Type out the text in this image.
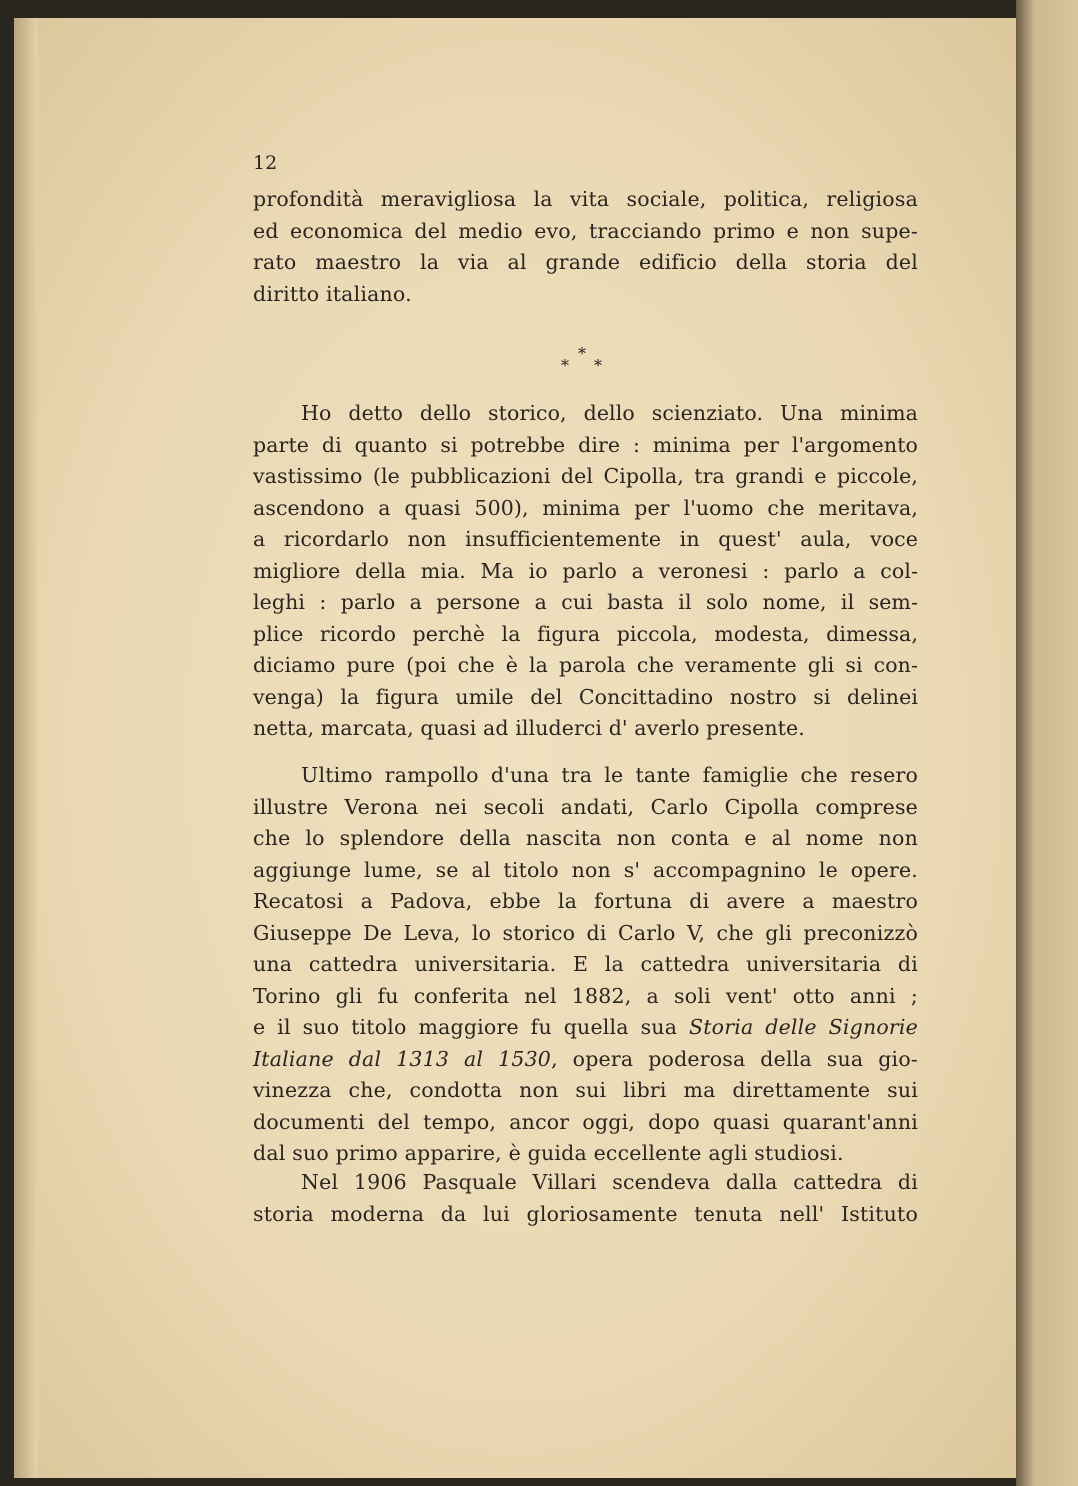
12
profondità meravigliosa la vita sociale, politica, religiosa
ed economica del medio evo, tracciando primo e non supe-
rato maestro la via al grande edificio della storia del
diritto italiano.
*
* *
Ho detto dello storico, dello scienziato. Una minima
parte di quanto si potrebbe dire : minima per l'argomento
vastissimo (le pubblicazioni del Cipolla, tra grandi e piccole,
ascendono a quasi 500), minima per l'uomo che meritava,
a ricordarlo non insufficientemente in quest' aula, voce
migliore della mia. Ma io parlo a veronesi : parlo a col-
leghi : parlo a persone a cui basta il solo nome, il sem-
plice ricordo perchè la figura piccola, modesta, dimessa,
diciamo pure (poi che è la parola che veramente gli si con-
venga) la figura umile del Concittadino nostro si delinei
netta, marcata, quasi ad illuderci d' averlo presente.
Ultimo rampollo d'una tra le tante famiglie che resero
illustre Verona nei secoli andati, Carlo Cipolla comprese
che lo splendore della nascita non conta e al nome non
aggiunge lume, se al titolo non s' accompagnino le opere.
Recatosi a Padova, ebbe la fortuna di avere a maestro
Giuseppe De Leva, lo storico di Carlo V, che gli preconizzò
una cattedra universitaria. E la cattedra universitaria di
Torino gli fu conferita nel 1882, a soli vent' otto anni ;
e il suo titolo maggiore fu quella sua Storia delle Signorie
Italiane dal 1313 al 1530, opera poderosa della sua gio-
vinezza che, condotta non sui libri ma direttamente sui
documenti del tempo, ancor oggi, dopo quasi quarant'anni
dal suo primo apparire, è guida eccellente agli studiosi.
Nel 1906 Pasquale Villari scendeva dalla cattedra di
storia moderna da lui gloriosamente tenuta nell' Istituto
